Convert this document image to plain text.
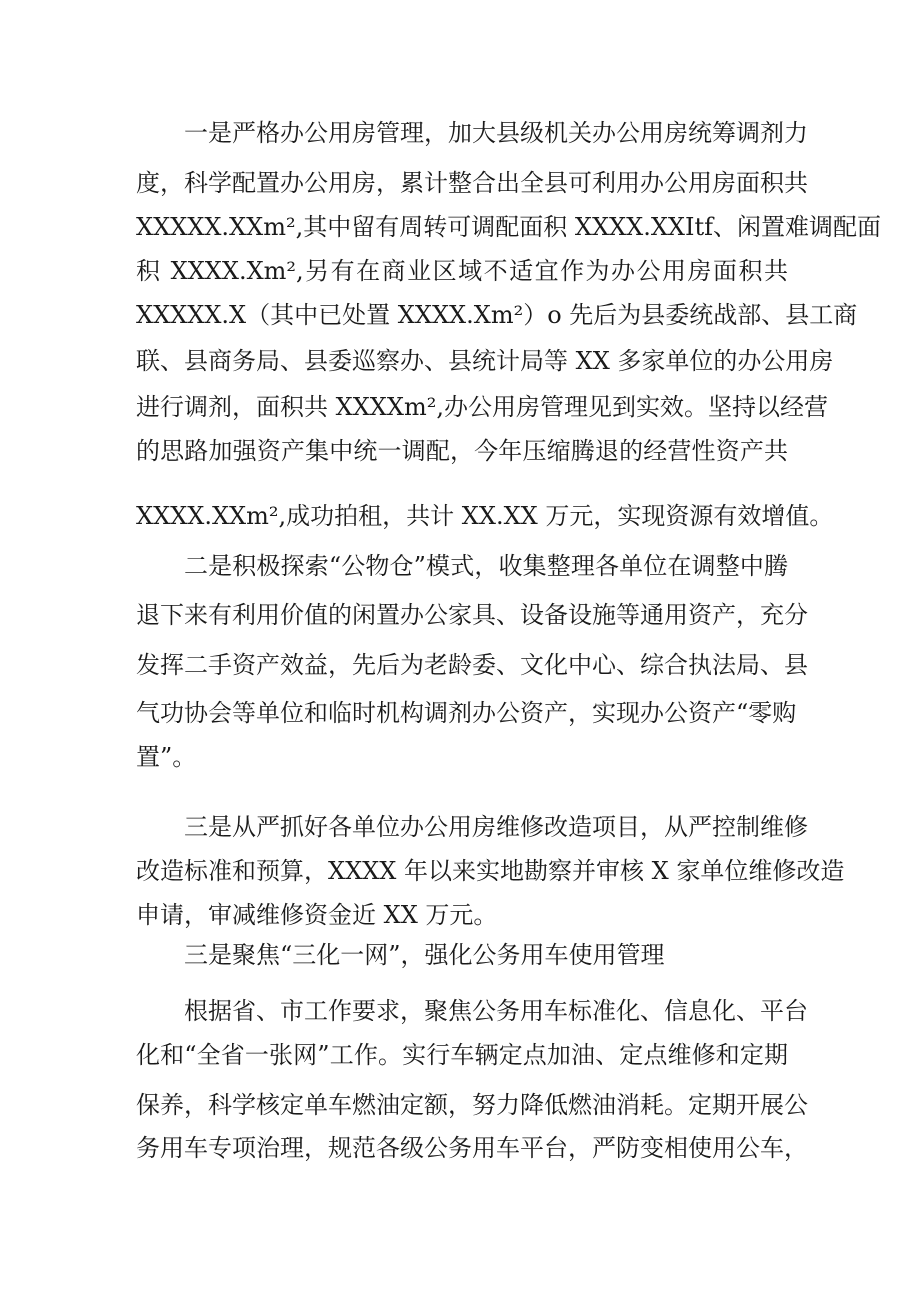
一是严格办公用房管理，加大县级机关办公用房统筹调剂力
度，科学配置办公用房，累计整合出全县可利用办公用房面积共
XXXXX.XXm²,其中留有周转可调配面积 XXXX.XXItf、闲置难调配面
积 XXXX.Xm²,另有在商业区域不适宜作为办公用房面积共
XXXXX.X（其中已处置 XXXX.Xm²）o 先后为县委统战部、县工商
联、县商务局、县委巡察办、县统计局等 XX 多家单位的办公用房
进行调剂，面积共 XXXXm²,办公用房管理见到实效。坚持以经营
的思路加强资产集中统一调配，今年压缩腾退的经营性资产共
XXXX.XXm²,成功拍租，共计 XX.XX 万元，实现资源有效增值。
二是积极探索“公物仓”模式，收集整理各单位在调整中腾
退下来有利用价值的闲置办公家具、设备设施等通用资产，充分
发挥二手资产效益，先后为老龄委、文化中心、综合执法局、县
气功协会等单位和临时机构调剂办公资产，实现办公资产“零购
置”。
三是从严抓好各单位办公用房维修改造项目，从严控制维修
改造标准和预算，XXXX 年以来实地勘察并审核 X 家单位维修改造
申请，审减维修资金近 XX 万元。
三是聚焦“三化一网”，强化公务用车使用管理
根据省、市工作要求，聚焦公务用车标准化、信息化、平台
化和“全省一张网”工作。实行车辆定点加油、定点维修和定期
保养，科学核定单车燃油定额，努力降低燃油消耗。定期开展公
务用车专项治理，规范各级公务用车平台，严防变相使用公车，
